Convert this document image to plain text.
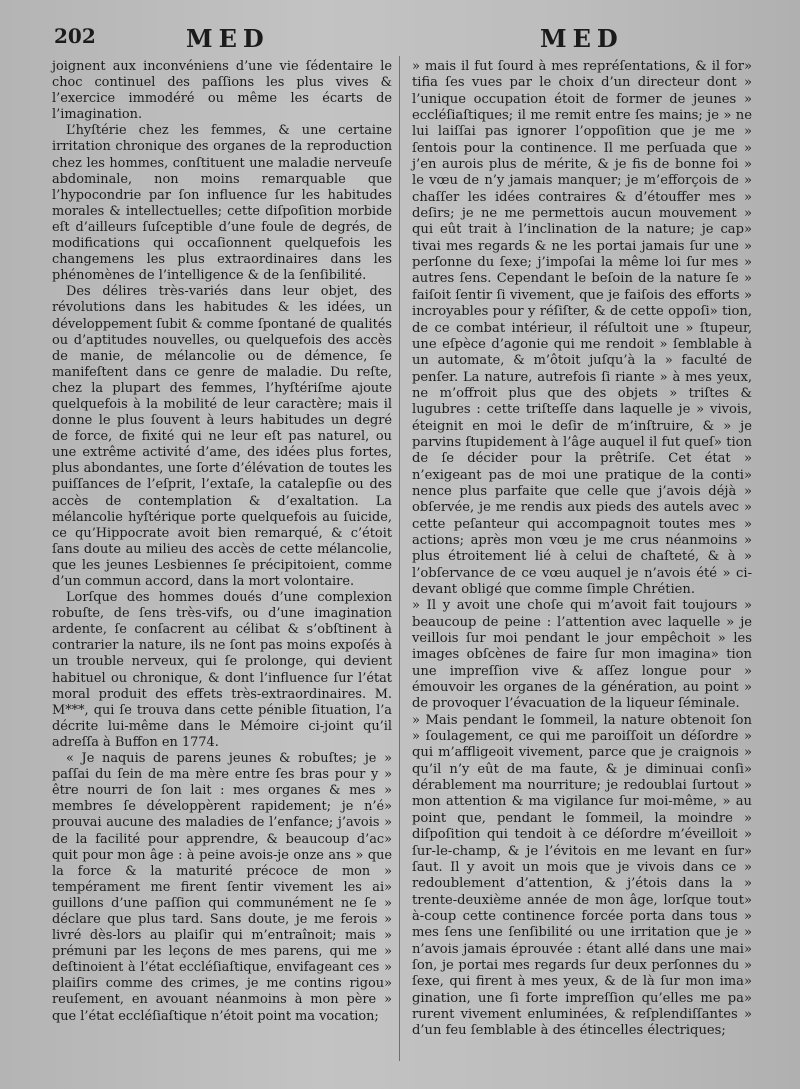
202	MED	MED

joignent aux inconvéniens d’une vie ſédentaire le choc continuel des paſſions les plus vives & l’exercice immodéré ou même les écarts de l’imagination.

L’hyſtérie chez les femmes, & une certaine irritation chronique des organes de la reproduction chez les hommes, conſtituent une maladie nerveuſe abdominale, non moins remarquable que l’hypocondrie par ſon influence ſur les habitudes morales & intellectuelles; cette diſpoſition morbide eſt d’ailleurs ſuſceptible d’une foule de degrés, de modifications qui occaſionnent quelquefois les changemens les plus extraordinaires dans les phénomènes de l’intelligence & de la ſenſibilité.

Des délires très-variés dans leur objet, des révolutions dans les habitudes & les idées, un développement ſubit & comme ſpontané de qualités ou d’aptitudes nouvelles, ou quelquefois des accès de manie, de mélancolie ou de démence, ſe manifeſtent dans ce genre de maladie. Du reſte, chez la plupart des femmes, l’hyſtériſme ajoute quelquefois à la mobilité de leur caractère; mais il donne le plus ſouvent à leurs habitudes un degré de force, de fixité qui ne leur eſt pas naturel, ou une extrême activité d’ame, des idées plus fortes, plus abondantes, une ſorte d’élévation de toutes les puiſſances de l’eſprit, l’extaſe, la catalepſie ou des accès de contemplation & d’exaltation. La mélancolie hyſtérique porte quelquefois au ſuicide, ce qu’Hippocrate avoit bien remarqué, & c’étoit ſans doute au milieu des accès de cette mélancolie, que les jeunes Lesbiennes ſe précipitoient, comme d’un commun accord, dans la mort volontaire.

Lorſque des hommes doués d’une complexion robuſte, de ſens très-vifs, ou d’une imagination ardente, ſe conſacrent au célibat & s’obſtinent à contrarier la nature, ils ne ſont pas moins expoſés à un trouble nerveux, qui ſe prolonge, qui devient habituel ou chronique, & dont l’influence ſur l’état moral produit des effets très-extraordinaires. M. M***, qui ſe trouva dans cette pénible ſituation, l’a décrite lui-même dans le Mémoire ci-joint qu’il adreſſa à Buffon en 1774.

« Je naquis de parens jeunes & robuſtes; je » paſſai du ſein de ma mère entre ſes bras pour y » être nourri de ſon lait : mes organes & mes » membres ſe développèrent rapidement; je n’é» prouvai aucune des maladies de l’enfance; j’avois » de la facilité pour apprendre, & beaucoup d’ac» quit pour mon âge : à peine avois-je onze ans » que la force & la maturité précoce de mon » tempérament me firent ſentir vivement les ai» guillons d’une paſſion qui communément ne ſe » déclare que plus tard. Sans doute, je me ferois » livré dès-lors au plaiſir qui m’entraînoit; mais » prémuni par les leçons de mes parens, qui me » deſtinoient à l’état eccléſiaſtique, envifageant ces » plaiſirs comme des crimes, je me contins rigou» reuſement, en avouant néanmoins à mon père » que l’état eccléſiaſtique n’étoit point ma vocation;

» mais il fut ſourd à mes repréſentations, & il for» tifia ſes vues par le choix d’un directeur dont » l’unique occupation étoit de former de jeunes » eccléſiaſtiques; il me remit entre ſes mains; je » ne lui laiſſai pas ignorer l’oppoſition que je me » ſentois pour la continence. Il me perſuada que » j’en aurois plus de mérite, & je fis de bonne foi » le vœu de n’y jamais manquer; je m’efforçois de » chaſſer les idées contraires & d’étouffer mes » deſirs; je ne me permettois aucun mouvement » qui eût trait à l’inclination de la nature; je cap» tivai mes regards & ne les portai jamais ſur une » perſonne du ſexe; j’impoſai la même loi ſur mes » autres ſens. Cependant le beſoin de la nature ſe » faiſoit ſentir ſi vivement, que je faiſois des efforts » incroyables pour y réſiſter, & de cette oppoſi» tion, de ce combat intérieur, il réſultoit une » ſtupeur, une eſpèce d’agonie qui me rendoit » ſemblable à un automate, & m’ôtoit juſqu’à la » faculté de penſer. La nature, autrefois ſi riante » à mes yeux, ne m’offroit plus que des objets » triſtes & lugubres : cette triſteſſe dans laquelle je » vivois, éteignit en moi le deſir de m’inſtruire, & » je parvins ſtupidement à l’âge auquel il fut queſ» tion de ſe décider pour la prêtriſe. Cet état » n’exigeant pas de moi une pratique de la conti» nence plus parfaite que celle que j’avois déjà » obſervée, je me rendis aux pieds des autels avec » cette peſanteur qui accompagnoit toutes mes » actions; après mon vœu je me crus néanmoins » plus étroitement lié à celui de chaſteté, & à » l’obſervance de ce vœu auquel je n’avois été » ci-devant obligé que comme ſimple Chrétien.

» Il y avoit une choſe qui m’avoit fait toujours » beaucoup de peine : l’attention avec laquelle » je veillois ſur moi pendant le jour empêchoit » les images obſcènes de faire ſur mon imagina» tion une impreſſion vive & aſſez longue pour » émouvoir les organes de la génération, au point » de provoquer l’évacuation de la liqueur ſéminale.

» Mais pendant le ſommeil, la nature obtenoit ſon » ſoulagement, ce qui me paroiſſoit un déſordre » qui m’affligeoit vivement, parce que je craignois » qu’il n’y eût de ma faute, & je diminuai conſi» dérablement ma nourriture; je redoublai ſurtout » mon attention & ma vigilance ſur moi-même, » au point que, pendant le ſommeil, la moindre » diſpoſition qui tendoit à ce déſordre m’éveilloit » ſur-le-champ, & je l’évitois en me levant en ſur» ſaut. Il y avoit un mois que je vivois dans ce » redoublement d’attention, & j’étois dans la » trente-deuxième année de mon âge, lorſque tout» à-coup cette continence forcée porta dans tous » mes ſens une ſenſibilité ou une irritation que je » n’avois jamais éprouvée : étant allé dans une mai» ſon, je portai mes regards ſur deux perſonnes du » ſexe, qui firent à mes yeux, & de là ſur mon ima» gination, une ſi forte impreſſion qu’elles me pa» rurent vivement enluminées, & reſplendiſſantes » d’un feu ſemblable à des étincelles électriques;
